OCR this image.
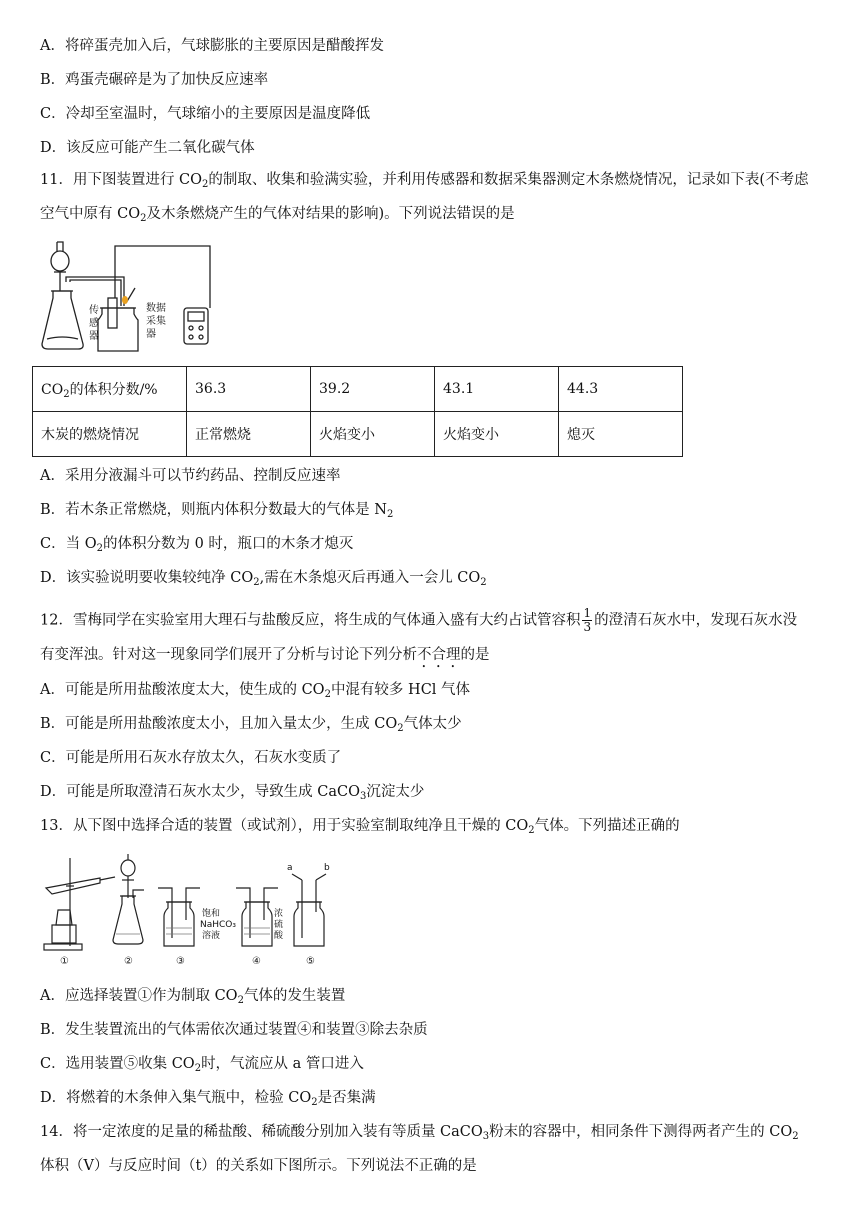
A．将碎蛋壳加入后，气球膨胀的主要原因是醋酸挥发
B．鸡蛋壳碾碎是为了加快反应速率
C．冷却至室温时，气球缩小的主要原因是温度降低
D．该反应可能产生二氧化碳气体
11．用下图装置进行 $CO_2$的制取、收集和验满实验，并利用传感器和数据采集器测定木条燃烧情况，记录如下表(不考虑
空气中原有 $CO_2$及木条燃烧产生的气体对结果的影响)。下列说法错误的是
传
感
器
数据
采集
器
$CO_2$的体积分数/%	36.3	39.2	43.1	44.3
木炭的燃烧情况	正常燃烧	火焰变小	火焰变小	熄灭
A．采用分液漏斗可以节约药品、控制反应速率
B．若木条正常燃烧，则瓶内体积分数最大的气体是 $N_2$
C．当 $O_2$的体积分数为 0 时，瓶口的木条才熄灭
D．该实验说明要收集较纯净 $CO_2$,需在木条熄灭后再通入一会儿 $CO_2$
12．雪梅同学在实验室用大理石与盐酸反应，将生成的气体通入盛有大约占试管容积 $\frac{1}{3}$ 的澄清石灰水中，发现石灰水没
有变浑浊。针对这一现象同学们展开了分析与讨论下列分析不合理的是
A．可能是所用盐酸浓度太大，使生成的 $CO_2$中混有较多 HCl 气体
B．可能是所用盐酸浓度太小，且加入量太少，生成 $CO_2$气体太少
C．可能是所用石灰水存放太久，石灰水变质了
D．可能是所取澄清石灰水太少，导致生成 CaCO$_3$沉淀太少
13．从下图中选择合适的装置（或试剂），用于实验室制取纯净且干燥的 $CO_2$气体。下列描述正确的
饱和
NaHCO₃
溶液
浓
硫
酸
a	b
①	②	③	④	⑤
A．应选择装置①作为制取 $CO_2$气体的发生装置
B．发生装置流出的气体需依次通过装置④和装置③除去杂质
C．选用装置⑤收集 $CO_2$时，气流应从 a 管口进入
D．将燃着的木条伸入集气瓶中，检验 $CO_2$是否集满
14．将一定浓度的足量的稀盐酸、稀硫酸分别加入装有等质量 CaCO$_3$粉末的容器中，相同条件下测得两者产生的 $CO_2$
体积（V）与反应时间（t）的关系如下图所示。下列说法不正确的是
